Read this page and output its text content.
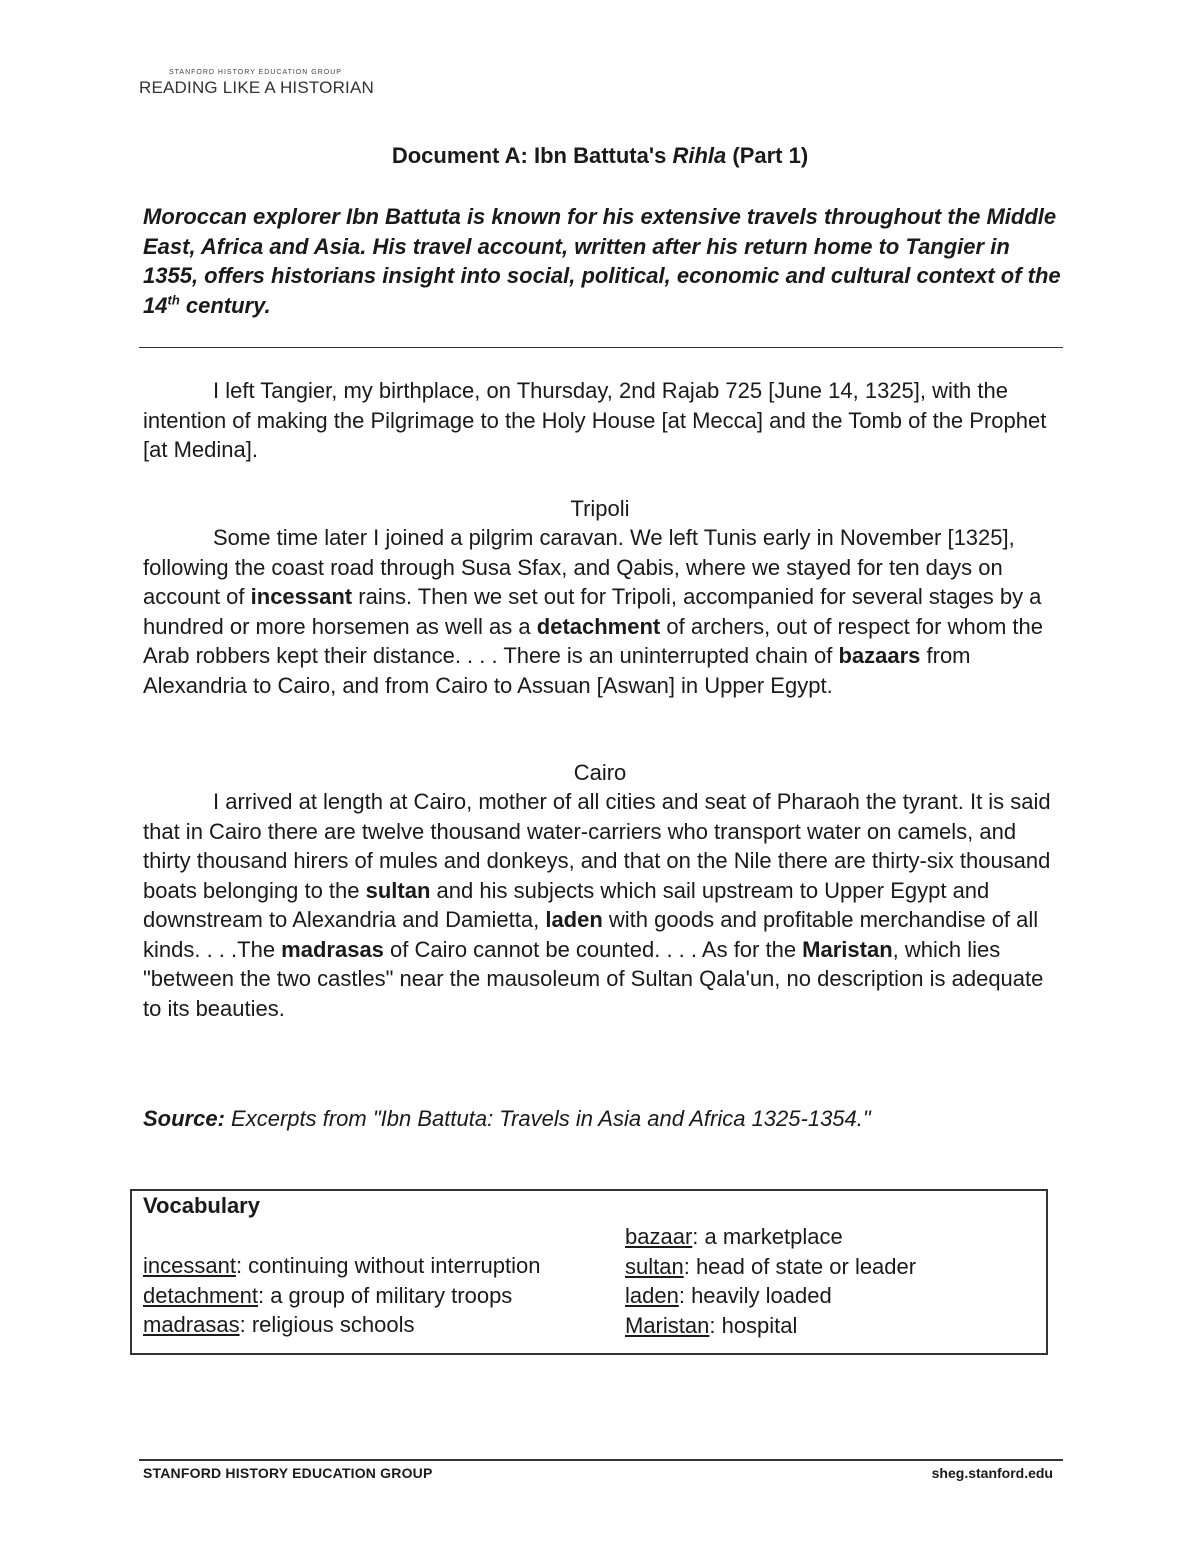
STANFORD HISTORY EDUCATION GROUP
READING LIKE A HISTORIAN
Document A: Ibn Battuta's Rihla (Part 1)
Moroccan explorer Ibn Battuta is known for his extensive travels throughout the Middle East, Africa and Asia. His travel account, written after his return home to Tangier in 1355, offers historians insight into social, political, economic and cultural context of the 14th century.
I left Tangier, my birthplace, on Thursday, 2nd Rajab 725 [June 14, 1325], with the intention of making the Pilgrimage to the Holy House [at Mecca] and the Tomb of the Prophet [at Medina].
Tripoli
Some time later I joined a pilgrim caravan. We left Tunis early in November [1325], following the coast road through Susa Sfax, and Qabis, where we stayed for ten days on account of incessant rains. Then we set out for Tripoli, accompanied for several stages by a hundred or more horsemen as well as a detachment of archers, out of respect for whom the Arab robbers kept their distance. . . . There is an uninterrupted chain of bazaars from Alexandria to Cairo, and from Cairo to Assuan [Aswan] in Upper Egypt.
Cairo
I arrived at length at Cairo, mother of all cities and seat of Pharaoh the tyrant. It is said that in Cairo there are twelve thousand water-carriers who transport water on camels, and thirty thousand hirers of mules and donkeys, and that on the Nile there are thirty-six thousand boats belonging to the sultan and his subjects which sail upstream to Upper Egypt and downstream to Alexandria and Damietta, laden with goods and profitable merchandise of all kinds. . . .The madrasas of Cairo cannot be counted. . . . As for the Maristan, which lies "between the two castles" near the mausoleum of Sultan Qala'un, no description is adequate to its beauties.
Source: Excerpts from "Ibn Battuta: Travels in Asia and Africa 1325-1354."
Vocabulary
incessant: continuing without interruption
detachment: a group of military troops
madrasas: religious schools
bazaar: a marketplace
sultan: head of state or leader
laden: heavily loaded
Maristan: hospital
STANFORD HISTORY EDUCATION GROUP	sheg.stanford.edu
